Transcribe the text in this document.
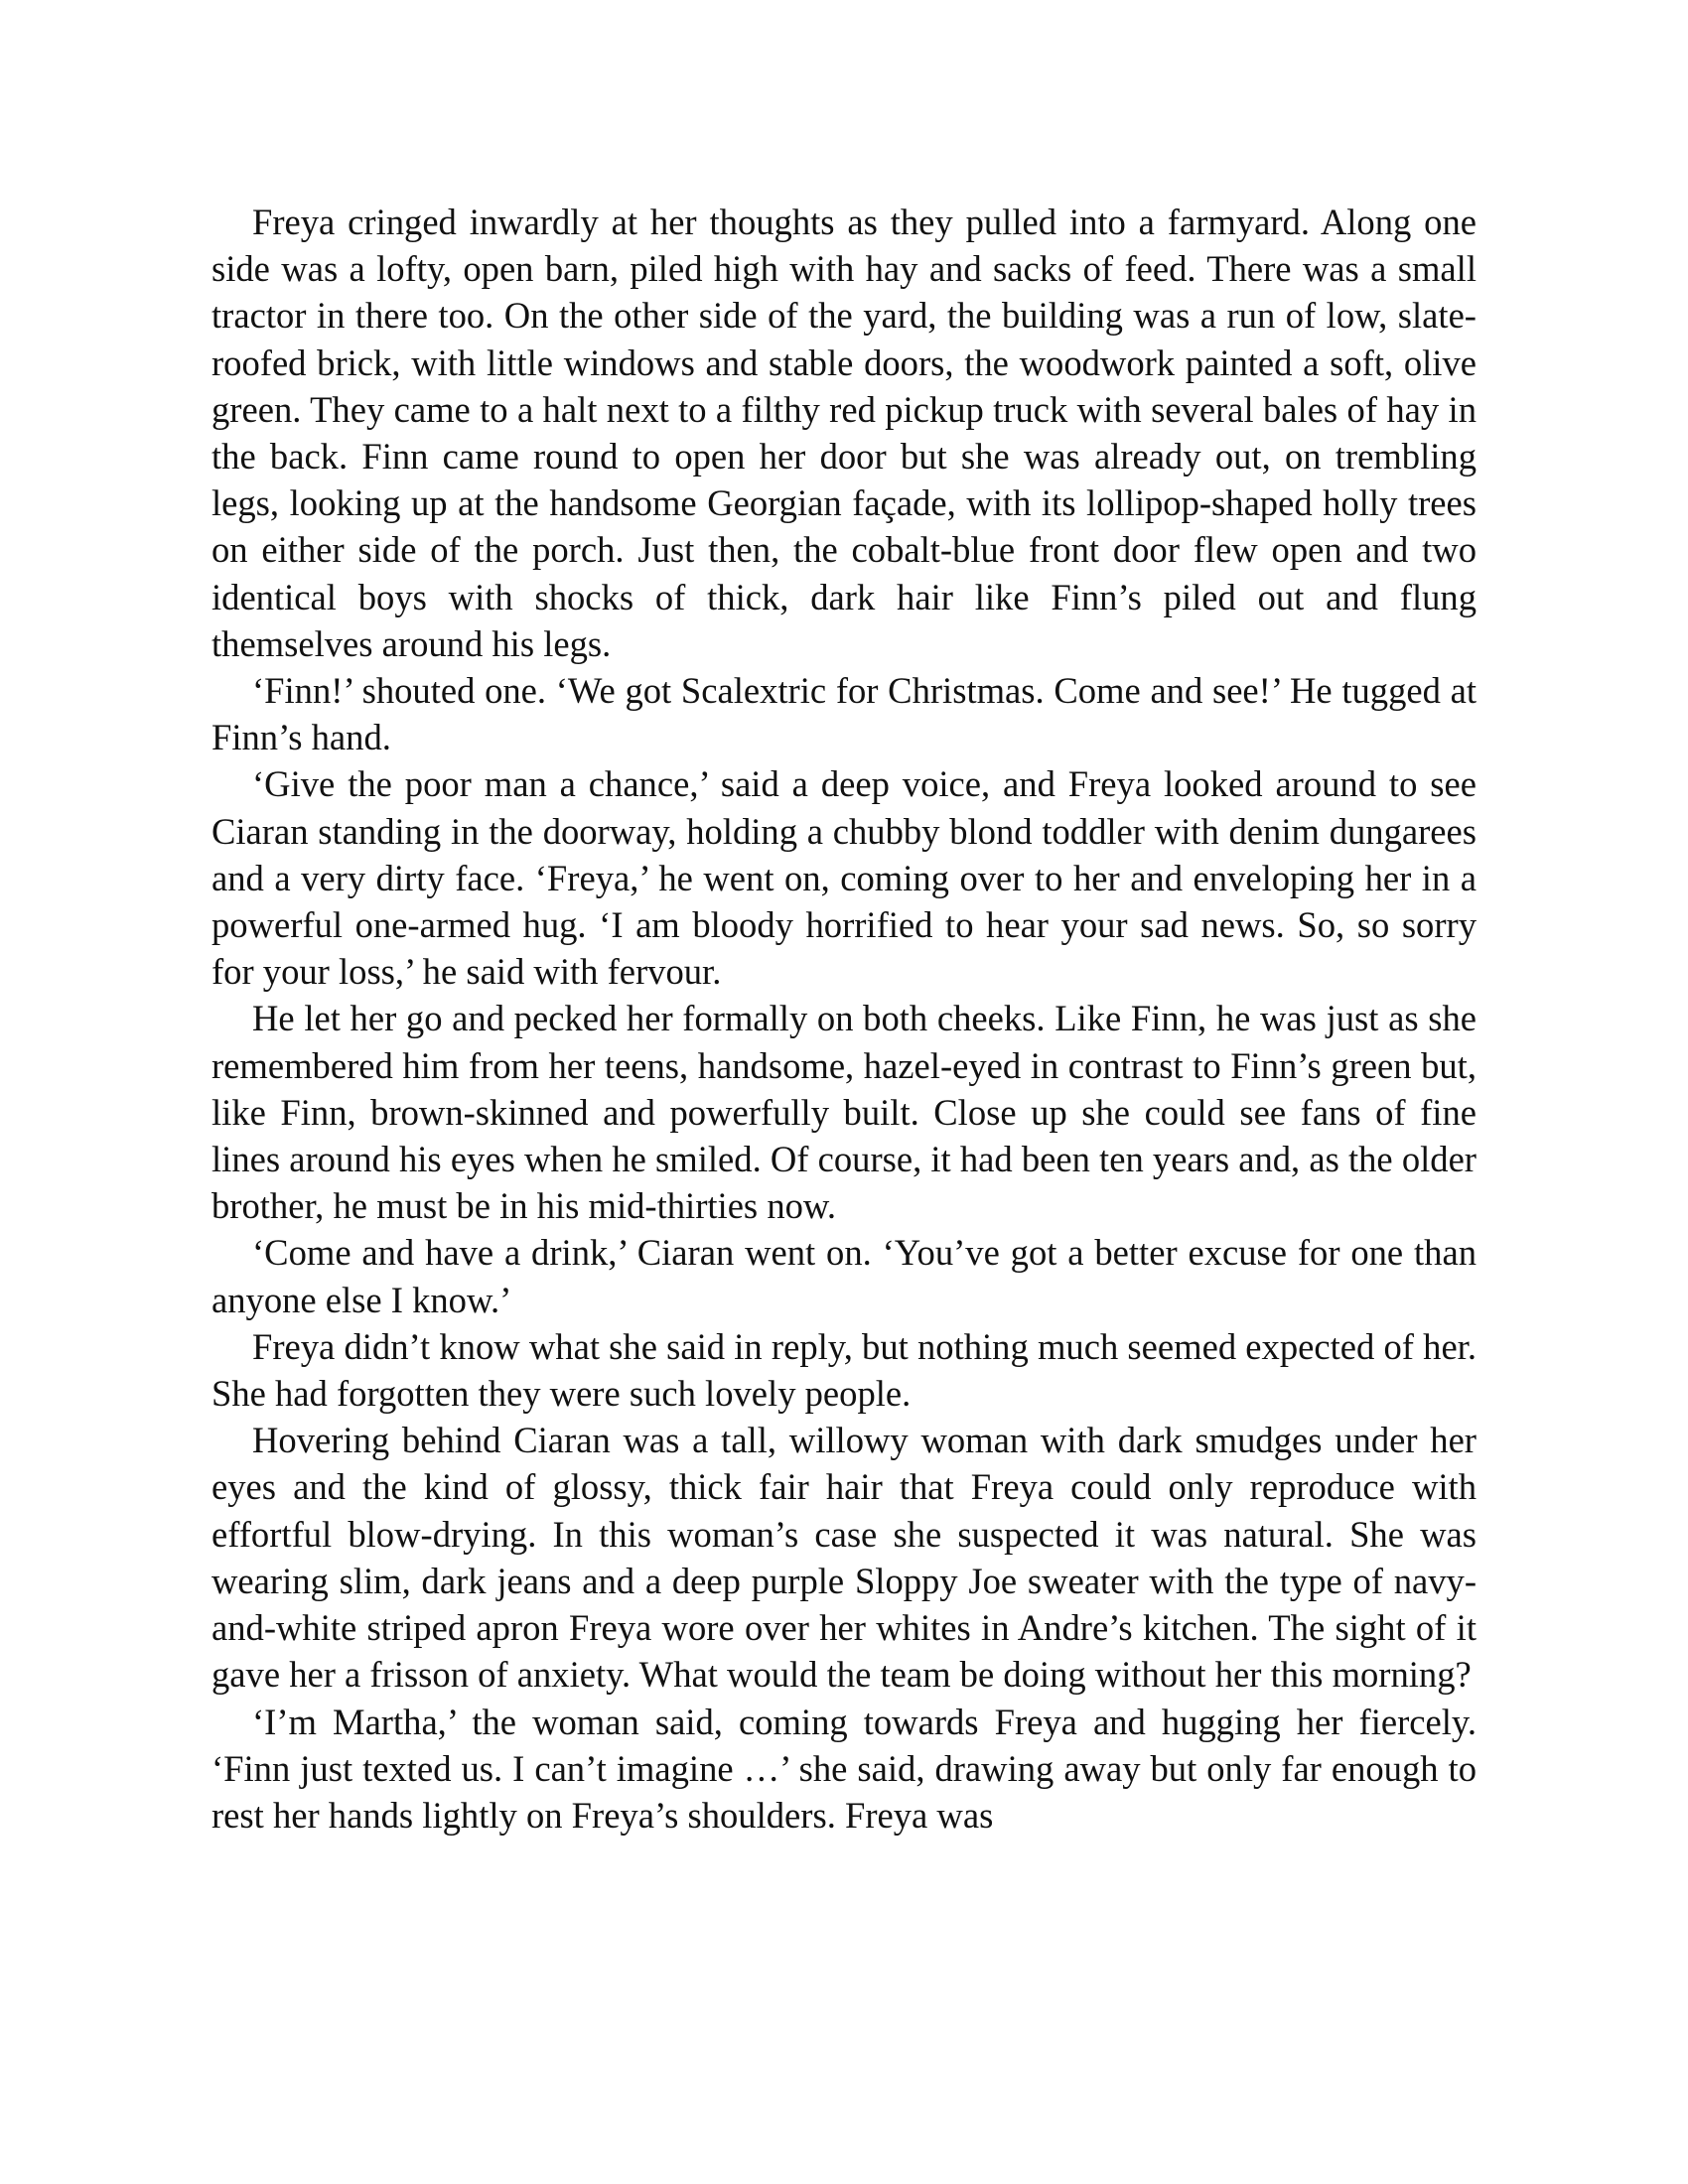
Freya cringed inwardly at her thoughts as they pulled into a farmyard. Along one side was a lofty, open barn, piled high with hay and sacks of feed. There was a small tractor in there too. On the other side of the yard, the building was a run of low, slate-roofed brick, with little windows and stable doors, the woodwork painted a soft, olive green. They came to a halt next to a filthy red pickup truck with several bales of hay in the back. Finn came round to open her door but she was already out, on trembling legs, looking up at the handsome Georgian façade, with its lollipop-shaped holly trees on either side of the porch. Just then, the cobalt-blue front door flew open and two identical boys with shocks of thick, dark hair like Finn’s piled out and flung themselves around his legs.

‘Finn!’ shouted one. ‘We got Scalextric for Christmas. Come and see!’ He tugged at Finn’s hand.

‘Give the poor man a chance,’ said a deep voice, and Freya looked around to see Ciaran standing in the doorway, holding a chubby blond toddler with denim dungarees and a very dirty face. ‘Freya,’ he went on, coming over to her and enveloping her in a powerful one-armed hug. ‘I am bloody horrified to hear your sad news. So, so sorry for your loss,’ he said with fervour.

He let her go and pecked her formally on both cheeks. Like Finn, he was just as she remembered him from her teens, handsome, hazel-eyed in contrast to Finn’s green but, like Finn, brown-skinned and powerfully built. Close up she could see fans of fine lines around his eyes when he smiled. Of course, it had been ten years and, as the older brother, he must be in his mid-thirties now.

‘Come and have a drink,’ Ciaran went on. ‘You’ve got a better excuse for one than anyone else I know.’

Freya didn’t know what she said in reply, but nothing much seemed expected of her. She had forgotten they were such lovely people.

Hovering behind Ciaran was a tall, willowy woman with dark smudges under her eyes and the kind of glossy, thick fair hair that Freya could only reproduce with effortful blow-drying. In this woman’s case she suspected it was natural. She was wearing slim, dark jeans and a deep purple Sloppy Joe sweater with the type of navy-and-white striped apron Freya wore over her whites in Andre’s kitchen. The sight of it gave her a frisson of anxiety. What would the team be doing without her this morning?

‘I’m Martha,’ the woman said, coming towards Freya and hugging her fiercely. ‘Finn just texted us. I can’t imagine …’ she said, drawing away but only far enough to rest her hands lightly on Freya’s shoulders. Freya was
